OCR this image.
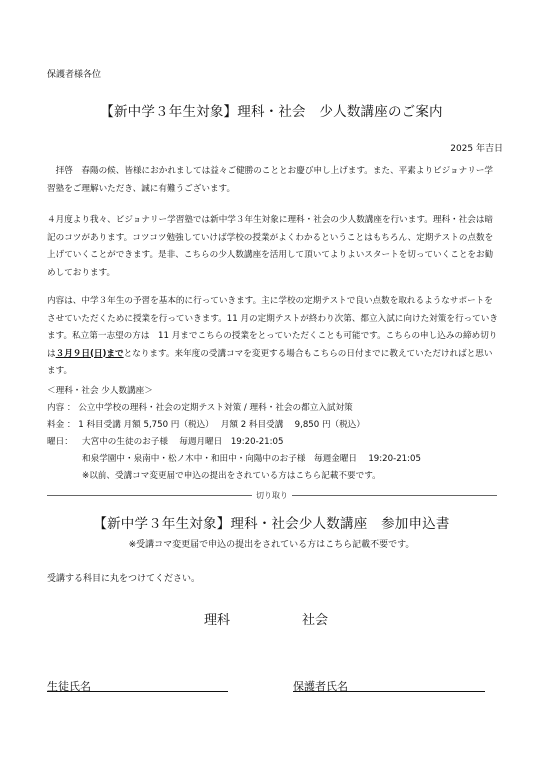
保護者様各位
【新中学３年生対象】理科・社会　少人数講座のご案内
2025 年吉日
　拝啓　春陽の候、皆様におかれましては益々ご健勝のこととお慶び申し上げます。また、平素よりビジョナリー学習塾をご理解いただき、誠に有難うございます。
４月度より我々、ビジョナリー学習塾では新中学３年生対象に理科・社会の少人数講座を行います。理科・社会は暗記のコツがあります。コツコツ勉強していけば学校の授業がよくわかるということはもちろん、定期テストの点数を上げていくことができます。是非、こちらの少人数講座を活用して頂いてよりよいスタートを切っていくことをお勧めしております。
内容は、中学３年生の予習を基本的に行っていきます。主に学校の定期テストで良い点数を取れるようなサポートをさせていただくために授業を行っていきます。11 月の定期テストが終わり次第、都立入試に向けた対策を行っていきます。私立第一志望の方は　11 月までこちらの授業をとっていただくことも可能です。こちらの申し込みの締め切りは３月９日(日)までとなります。来年度の受講コマを変更する場合もこちらの日付までに教えていただければと思います。
＜理科・社会 少人数講座＞
内容 ： 公立中学校の理科・社会の定期テスト対策 / 理科・社会の都立入試対策
料金 ： 1 科目受講 月額 5,750 円（税込）　 月額 2 科目受講　 9,850 円（税込）
曜日： 大宮中の生徒のお子様　 毎週月曜日　19:20-21:05
和泉学園中・泉南中・松ノ木中・和田中・向陽中のお子様　毎週金曜日　 19:20-21:05
※以前、受講コマ変更届で申込の提出をされている方はこちら記載不要です。
切り取り
【新中学３年生対象】理科・社会少人数講座　参加申込書
※受講コマ変更届で申込の提出をされている方はこちら記載不要です。
受講する科目に丸をつけてください。
理科	社会
生徒氏名	保護者氏名
